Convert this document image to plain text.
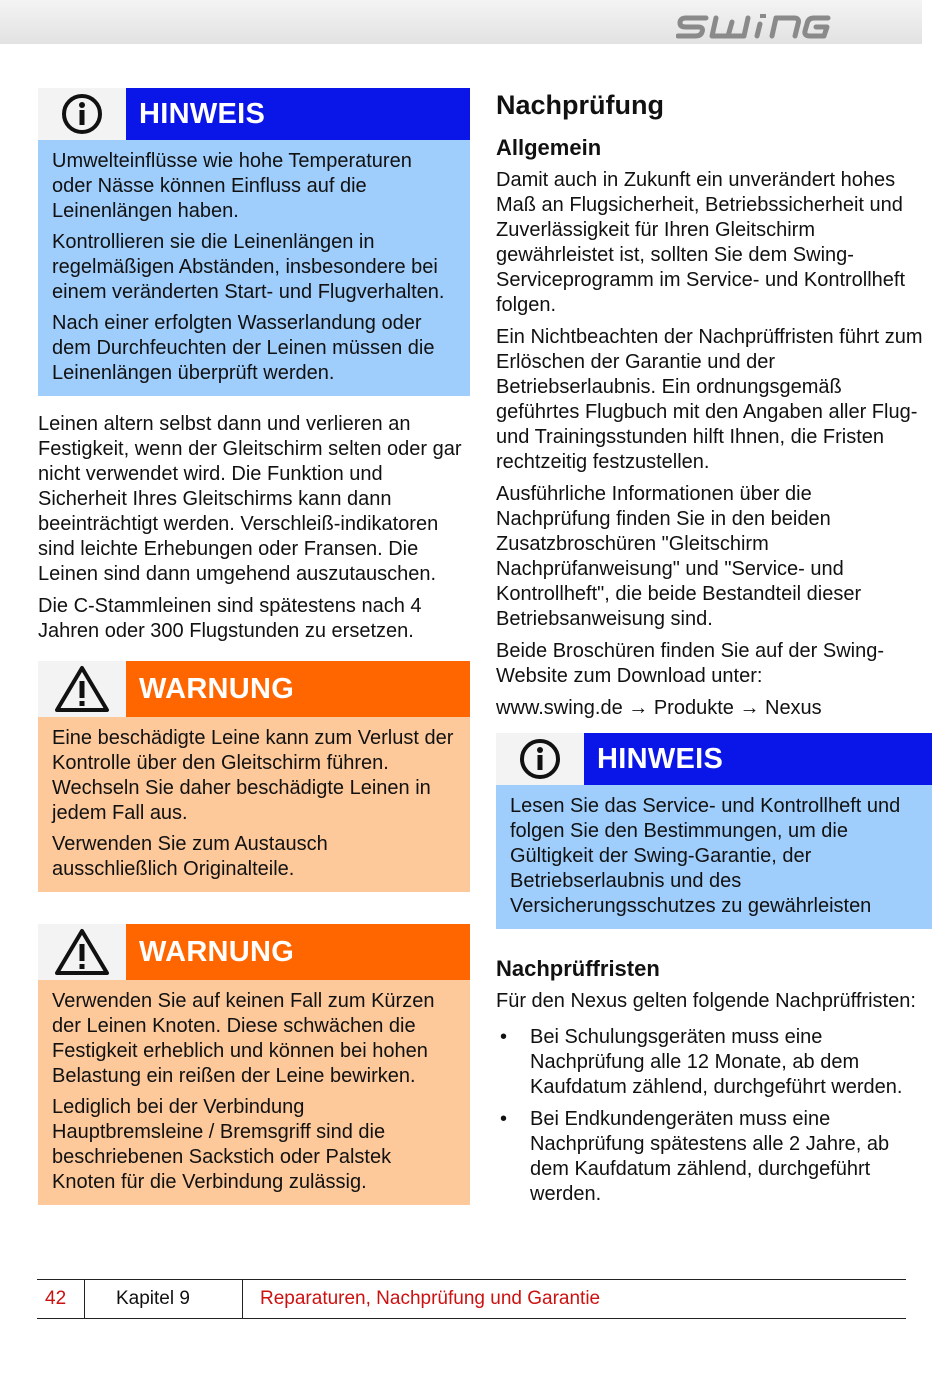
HINWEIS

Umwelteinflüsse wie hohe Temperaturen oder Nässe können Einfluss auf die Leinenlängen haben.

Kontrollieren sie die Leinenlängen in regelmäßigen Abständen, insbesondere bei einem veränderten Start- und Flugverhalten.

Nach einer erfolgten Wasserlandung oder dem Durchfeuchten der Leinen müssen die Leinenlängen überprüft werden.

Leinen altern selbst dann und verlieren an Festigkeit, wenn der Gleitschirm selten oder gar nicht verwendet wird. Die Funktion und Sicherheit Ihres Gleitschirms kann dann beeinträchtigt werden. Verschleiß-indikatoren sind leichte Erhebungen oder Fransen. Die Leinen sind dann umgehend auszutauschen.

Die C-Stammleinen sind spätestens nach 4 Jahren oder 300 Flugstunden zu ersetzen.

WARNUNG

Eine beschädigte Leine kann zum Verlust der Kontrolle über den Gleitschirm führen. Wechseln Sie daher beschädigte Leinen in jedem Fall aus.

Verwenden Sie zum Austausch ausschließlich Originalteile.

WARNUNG

Verwenden Sie auf keinen Fall zum Kürzen der Leinen Knoten. Diese schwächen die Festigkeit erheblich und können bei hohen Belastung ein reißen der Leine bewirken.

Lediglich bei der Verbindung Hauptbremsleine / Bremsgriff sind die beschriebenen Sackstich oder Palstek Knoten für die Verbindung zulässig.

Nachprüfung
Allgemein

Damit auch in Zukunft ein unverändert hohes Maß an Flugsicherheit, Betriebssicherheit und Zuverlässigkeit für Ihren Gleitschirm gewährleistet ist, sollten Sie dem Swing-Serviceprogramm im Service- und Kontrollheft folgen.

Ein Nichtbeachten der Nachprüffristen führt zum Erlöschen der Garantie und der Betriebserlaubnis. Ein ordnungsgemäß geführtes Flugbuch mit den Angaben aller Flug- und Trainingsstunden hilft Ihnen, die Fristen rechtzeitig festzustellen.

Ausführliche Informationen über die Nachprüfung finden Sie in den beiden Zusatzbroschüren "Gleitschirm Nachprüfanweisung" und "Service- und Kontrollheft", die beide Bestandteil dieser Betriebsanweisung sind.

Beide Broschüren finden Sie auf der Swing-Website zum Download unter:

www.swing.de → Produkte → Nexus

HINWEIS

Lesen Sie das Service- und Kontrollheft und folgen Sie den Bestimmungen, um die Gültigkeit der Swing-Garantie, der Betriebserlaubnis und des Versicherungsschutzes zu gewährleisten

Nachprüffristen

Für den Nexus gelten folgende Nachprüffristen:

• Bei Schulungsgeräten muss eine Nachprüfung alle 12 Monate, ab dem Kaufdatum zählend, durchgeführt werden.
• Bei Endkundengeräten muss eine Nachprüfung spätestens alle 2 Jahre, ab dem Kaufdatum zählend, durchgeführt werden.
42	Kapitel 9	Reparaturen, Nachprüfung und Garantie
